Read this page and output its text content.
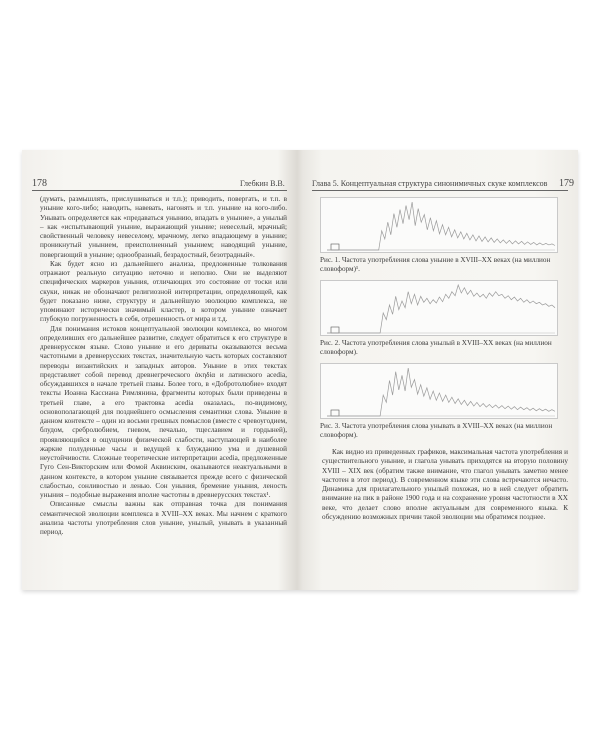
178	Глебкин В.В.

(думать, размышлять, прислушиваться и т.п.); приводить, повергать, и т.п. в уныние кого-либо; наводить, навевать, нагонять и т.п. уныние на кого-либо. Унывать определяется как «предаваться унынию, впадать в уныние», а унылый – как «испытывающий уныние, выражающий уныние; невеселый, мрачный; свойственный человеку невеселому, мрачному, легко впадающему в уныние; проникнутый унынием, преисполненный унынием; наводящий уныние, повергающий в уныние; однообразный, безрадостный, безотрадный».

Как будет ясно из дальнейшего анализа, предложенные толкования отражают реальную ситуацию неточно и неполно. Они не выделяют специфических маркеров уныния, отличающих это состояние от тоски или скуки, никак не обозначают религиозной интерпретации, определяющей, как будет показано ниже, структуру и дальнейшую эволюцию комплекса, не упоминают исторически значимый кластер, в котором уныние означает глубокую погруженность в себя, отрешенность от мира и т.д.

Для понимания истоков концептуальной эволюции комплекса, во многом определивших его дальнейшее развитие, следует обратиться к его структуре в древнерусском языке. Слово уныние и его дериваты оказываются весьма частотными в древнерусских текстах, значительную часть которых составляют переводы византийских и западных авторов. Уныние в этих текстах представляет собой перевод древнегреческого ἀκηδία и латинского acedia, обсуждавшихся в начале третьей главы. Более того, в «Добротолюбие» входят тексты Иоанна Кассиана Римлянина, фрагменты которых были приведены в третьей главе, а его трактовка acedia оказалась, по-видимому, основополагающей для позднейшего осмысления семантики слова. Уныние в данном контексте – один из восьми грешных помыслов (вместе с чревоугодием, блудом, сребролюбием, гневом, печалью, тщеславием и гордыней), проявляющийся в ощущении физической слабости, наступающей в наиболее жаркие полуденные часы и ведущей к блужданию ума и душевной неустойчивости. Сложные теоретические интерпретации acedia, предложенные Гуго Сен-Викторским или Фомой Аквинским, оказываются неактуальными в данном контексте, в котором уныние связывается прежде всего с физической слабостью, сонливостью и ленью. Сон уныния, бремение уныния, леность уныния – подобные выражения вполне частотны в древнерусских текстах¹.

Описанные смыслы важны как отправная точка для понимания семантической эволюции комплекса в XVIII–XX веках. Мы начнем с краткого анализа частоты употребления слов уныние, унылый, унывать в указанный период.

Глава 5. Концептуальная структура синонимичных скуке комплексов 179
Рис. 1. Частота употребления слова уныние в XVIII–XX веках (на миллион словоформ)¹.
Рис. 2. Частота употребления слова унылый в XVIII–XX веках (на миллион словоформ).
Рис. 3. Частота употребления слова унывать в XVIII–XX веках (на миллион словоформ).
Как видно из приведенных графиков, максимальная частота употребления и существительного уныние, и глагола унывать приходятся на вторую половину XVIII – XIX век (обратим также внимание, что глагол унывать заметно менее частотен в этот период). В современном языке эти слова встречаются нечасто. Динамика для прилагательного унылый похожая, но в ней следует обратить внимание на пик в районе 1900 года и на сохранение уровня частотности в XX веке, что делает слово вполне актуальным для современного языка. К обсуждению возможных причин такой эволюции мы обратимся позднее.
